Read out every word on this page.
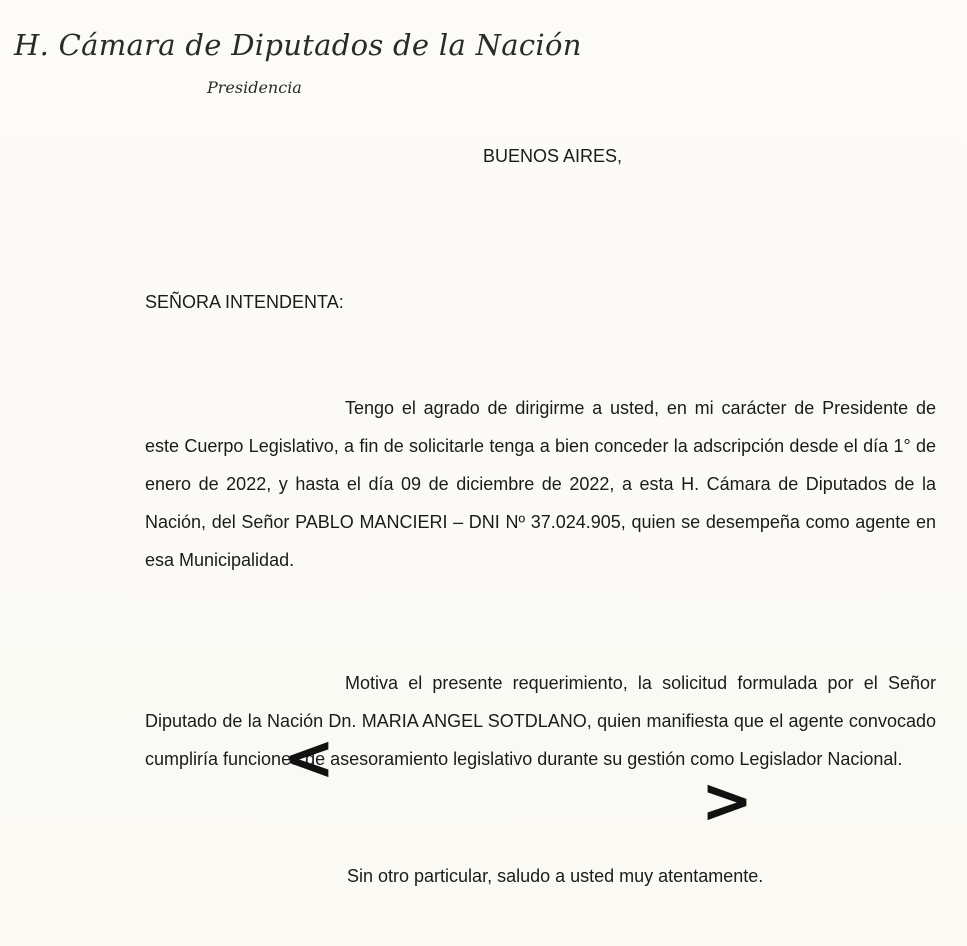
H. Cámara de Diputados de la Nación
Presidencia
BUENOS AIRES,
SEÑORA INTENDENTA:
Tengo el agrado de dirigirme a usted, en mi carácter de Presidente de este Cuerpo Legislativo, a fin de solicitarle tenga a bien conceder la adscripción desde el día 1° de enero de 2022, y hasta el día 09 de diciembre de 2022, a esta H. Cámara de Diputados de la Nación, del Señor PABLO MANCIERI – DNI Nº 37.024.905, quien se desempeña como agente en esa Municipalidad.
Motiva el presente requerimiento, la solicitud formulada por el Señor Diputado de la Nación Dn. MARIA ANGEL SOTDLANO, quien manifiesta que el agente convocado cumpliría funciones de asesoramiento legislativo durante su gestión como Legislador Nacional.
Sin otro particular, saludo a usted muy atentamente.
<
>
